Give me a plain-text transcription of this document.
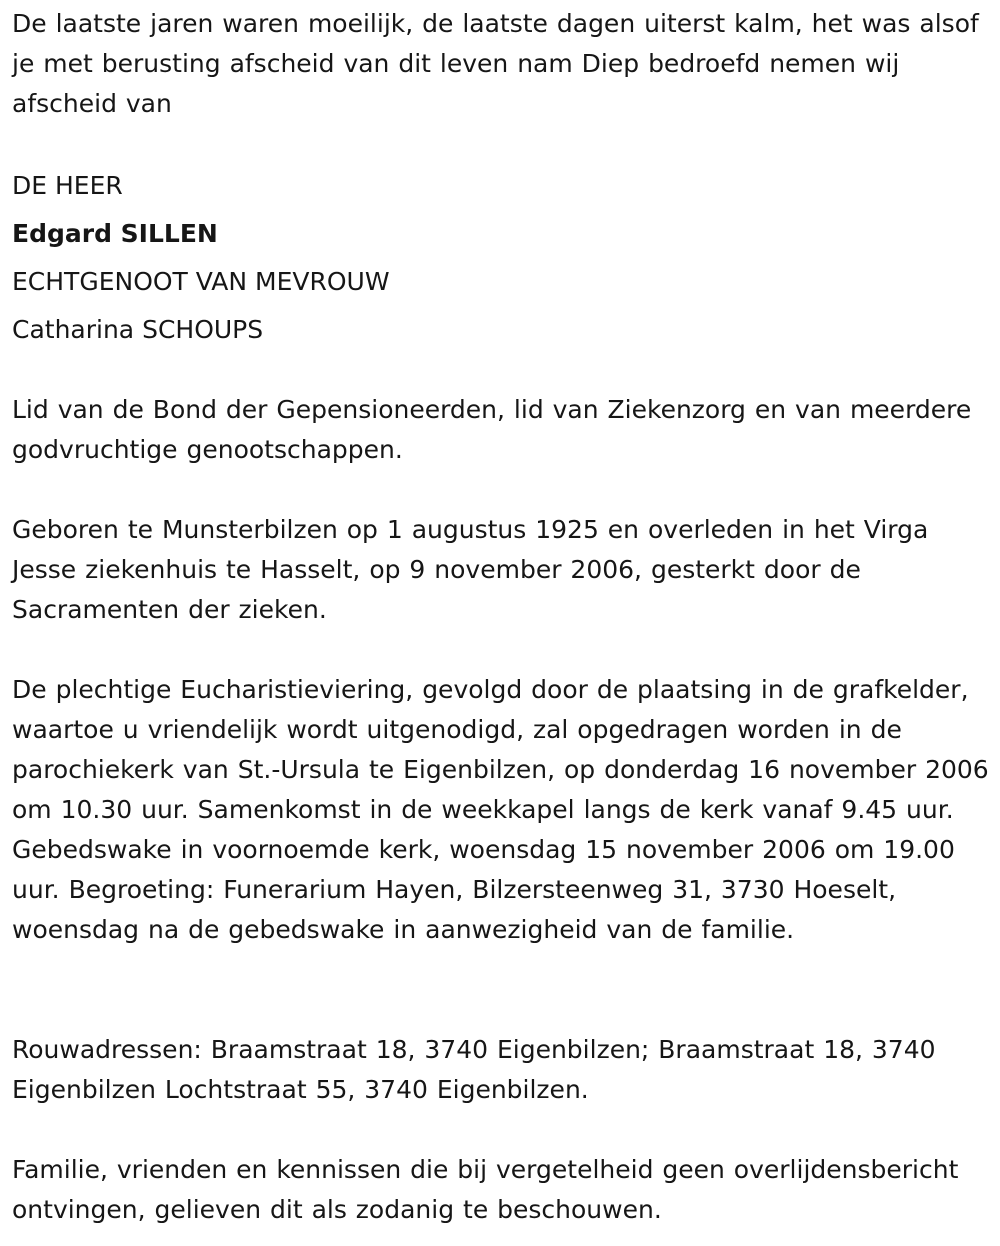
De laatste jaren waren moeilijk, de laatste dagen uiterst kalm, het was alsof je met berusting afscheid van dit leven nam Diep bedroefd nemen wij afscheid van

DE HEER

Edgard SILLEN

ECHTGENOOT VAN MEVROUW

Catharina SCHOUPS

Lid van de Bond der Gepensioneerden, lid van Ziekenzorg en van meerdere godvruchtige genootschappen.

Geboren te Munsterbilzen op 1 augustus 1925 en overleden in het Virga Jesse ziekenhuis te Hasselt, op 9 november 2006, gesterkt door de Sacramenten der zieken.

De plechtige Eucharistieviering, gevolgd door de plaatsing in de grafkelder, waartoe u vriendelijk wordt uitgenodigd, zal opgedragen worden in de parochiekerk van St.-Ursula te Eigenbilzen, op donderdag 16 november 2006 om 10.30 uur. Samenkomst in de weekkapel langs de kerk vanaf 9.45 uur. Gebedswake in voornoemde kerk, woensdag 15 november 2006 om 19.00 uur. Begroeting: Funerarium Hayen, Bilzersteenweg 31, 3730 Hoeselt, woensdag na de gebedswake in aanwezigheid van de familie.

Rouwadressen: Braamstraat 18, 3740 Eigenbilzen; Braamstraat 18, 3740 Eigenbilzen Lochtstraat 55, 3740 Eigenbilzen.

Familie, vrienden en kennissen die bij vergetelheid geen overlijdensbericht ontvingen, gelieven dit als zodanig te beschouwen.
